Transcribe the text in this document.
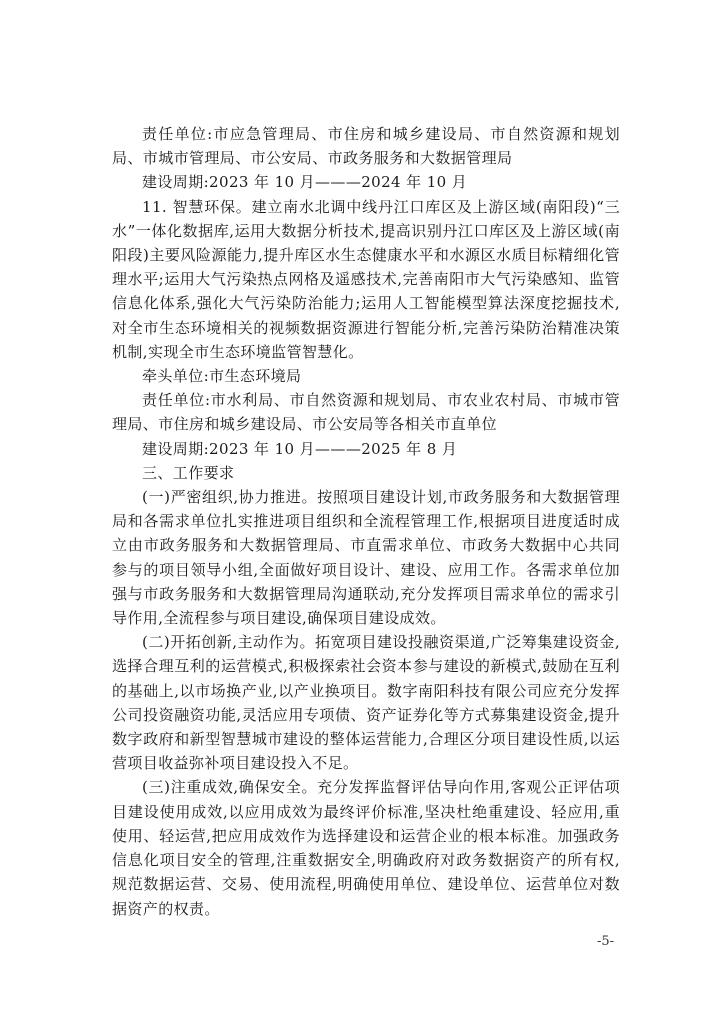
责任单位:市应急管理局、市住房和城乡建设局、市自然资源和规划局、市城市管理局、市公安局、市政务服务和大数据管理局

建设周期:2023 年 10 月———2024 年 10 月

11. 智慧环保。建立南水北调中线丹江口库区及上游区域(南阳段)“三水”一体化数据库,运用大数据分析技术,提高识别丹江口库区及上游区域(南阳段)主要风险源能力,提升库区水生态健康水平和水源区水质目标精细化管理水平;运用大气污染热点网格及遥感技术,完善南阳市大气污染感知、监管信息化体系,强化大气污染防治能力;运用人工智能模型算法深度挖掘技术,对全市生态环境相关的视频数据资源进行智能分析,完善污染防治精准决策机制,实现全市生态环境监管智慧化。

牵头单位:市生态环境局

责任单位:市水利局、市自然资源和规划局、市农业农村局、市城市管理局、市住房和城乡建设局、市公安局等各相关市直单位

建设周期:2023 年 10 月———2025 年 8 月

三、工作要求

(一)严密组织,协力推进。按照项目建设计划,市政务服务和大数据管理局和各需求单位扎实推进项目组织和全流程管理工作,根据项目进度适时成立由市政务服务和大数据管理局、市直需求单位、市政务大数据中心共同参与的项目领导小组,全面做好项目设计、建设、应用工作。各需求单位加强与市政务服务和大数据管理局沟通联动,充分发挥项目需求单位的需求引导作用,全流程参与项目建设,确保项目建设成效。

(二)开拓创新,主动作为。拓宽项目建设投融资渠道,广泛筹集建设资金,选择合理互利的运营模式,积极探索社会资本参与建设的新模式,鼓励在互利的基础上,以市场换产业,以产业换项目。数字南阳科技有限公司应充分发挥公司投资融资功能,灵活应用专项债、资产证券化等方式募集建设资金,提升数字政府和新型智慧城市建设的整体运营能力,合理区分项目建设性质,以运营项目收益弥补项目建设投入不足。

(三)注重成效,确保安全。充分发挥监督评估导向作用,客观公正评估项目建设使用成效,以应用成效为最终评价标准,坚决杜绝重建设、轻应用,重使用、轻运营,把应用成效作为选择建设和运营企业的根本标准。加强政务信息化项目安全的管理,注重数据安全,明确政府对政务数据资产的所有权,规范数据运营、交易、使用流程,明确使用单位、建设单位、运营单位对数据资产的权责。

-5-
